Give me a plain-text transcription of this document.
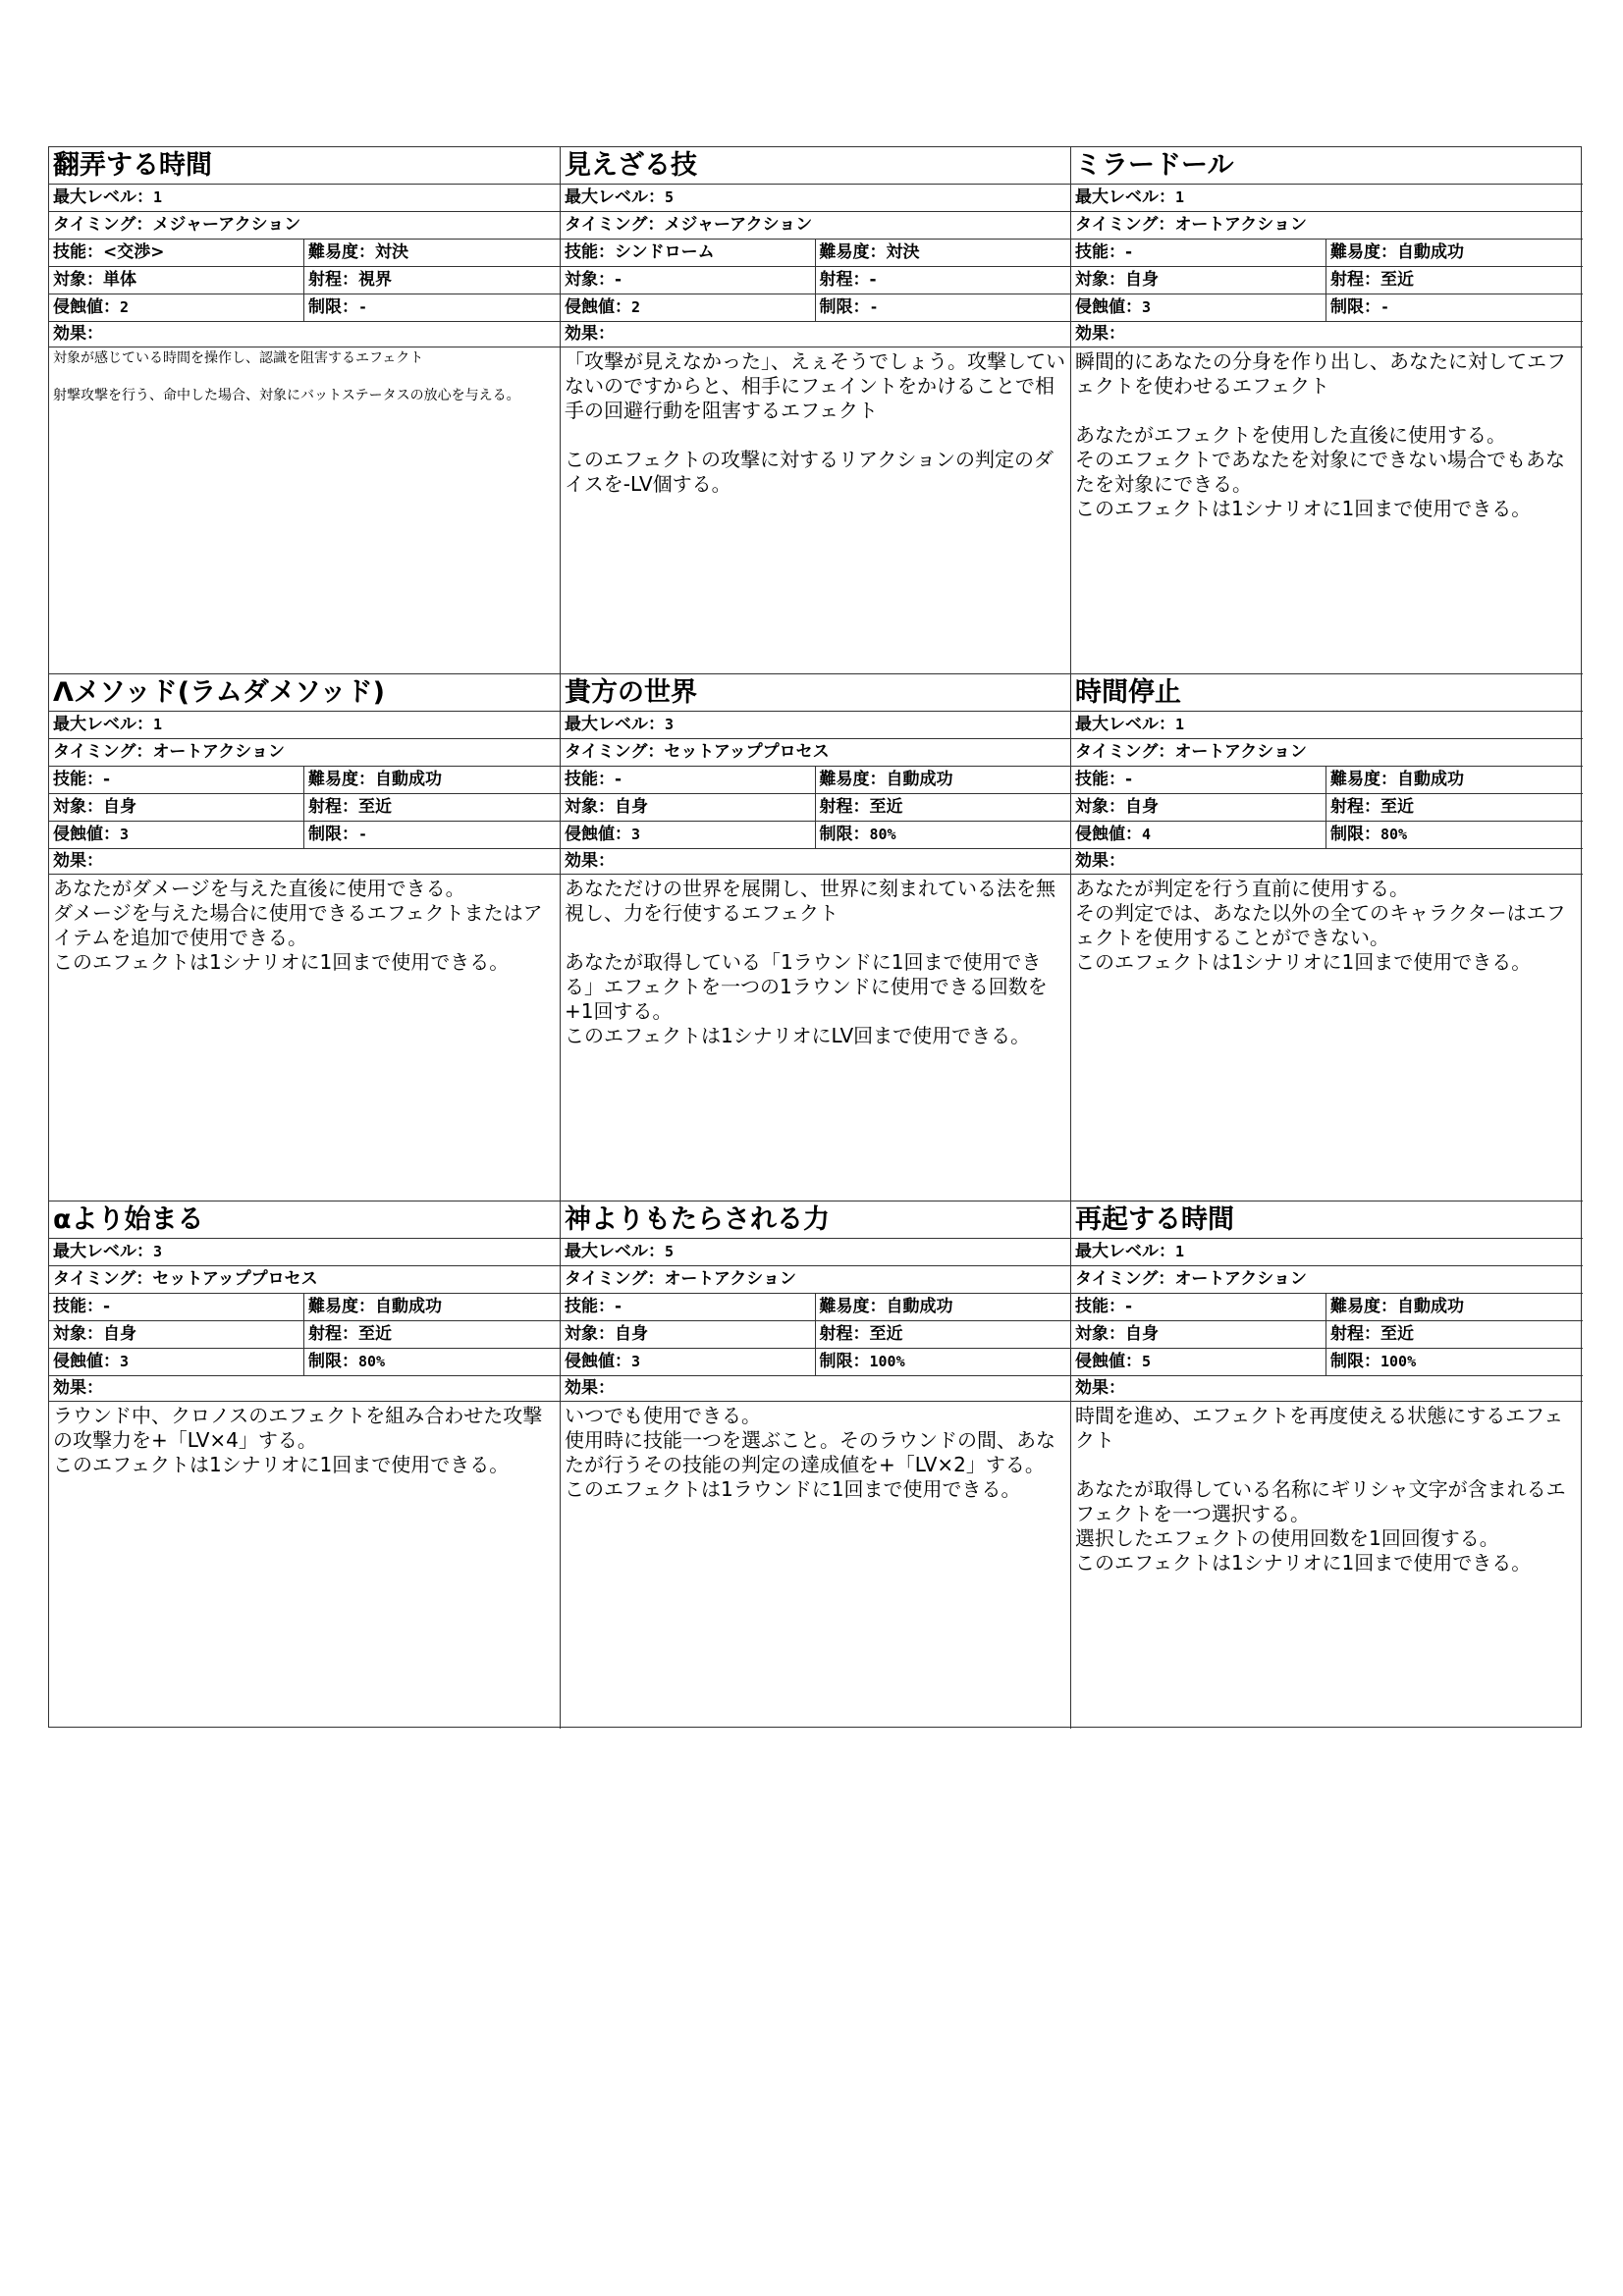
翻弄する時間
最大レベル：1
タイミング：メジャーアクション
技能：<交渉>	難易度：対決
対象：単体	射程：視界
侵蝕値：2	制限：-
効果：
対象が感じている時間を操作し、認識を阻害するエフェクト

射撃攻撃を行う、命中した場合、対象にバットステータスの放心を与える。
見えざる技
最大レベル：5
タイミング：メジャーアクション
技能：シンドローム	難易度：対決
対象：-	射程：-
侵蝕値：2	制限：-
効果：
「攻撃が見えなかった」、えぇそうでしょう。攻撃していないのですからと、相手にフェイントをかけることで相手の回避行動を阻害するエフェクト

このエフェクトの攻撃に対するリアクションの判定のダイスを-LV個する。
ミラードール
最大レベル：1
タイミング：オートアクション
技能：-	難易度：自動成功
対象：自身	射程：至近
侵蝕値：3	制限：-
効果：
瞬間的にあなたの分身を作り出し、あなたに対してエフェクトを使わせるエフェクト

あなたがエフェクトを使用した直後に使用する。
そのエフェクトであなたを対象にできない場合でもあなたを対象にできる。
このエフェクトは1シナリオに1回まで使用できる。
Λメソッド(ラムダメソッド)
最大レベル：1
タイミング：オートアクション
技能：-	難易度：自動成功
対象：自身	射程：至近
侵蝕値：3	制限：-
効果：
あなたがダメージを与えた直後に使用できる。
ダメージを与えた場合に使用できるエフェクトまたはアイテムを追加で使用できる。
このエフェクトは1シナリオに1回まで使用できる。
貴方の世界
最大レベル：3
タイミング：セットアッププロセス
技能：-	難易度：自動成功
対象：自身	射程：至近
侵蝕値：3	制限：80%
効果：
あなただけの世界を展開し、世界に刻まれている法を無視し、力を行使するエフェクト

あなたが取得している「1ラウンドに1回まで使用できる」エフェクトを一つの1ラウンドに使用できる回数を+1回する。
このエフェクトは1シナリオにLV回まで使用できる。
時間停止
最大レベル：1
タイミング：オートアクション
技能：-	難易度：自動成功
対象：自身	射程：至近
侵蝕値：4	制限：80%
効果：
あなたが判定を行う直前に使用する。
その判定では、あなた以外の全てのキャラクターはエフェクトを使用することができない。
このエフェクトは1シナリオに1回まで使用できる。
αより始まる
最大レベル：3
タイミング：セットアッププロセス
技能：-	難易度：自動成功
対象：自身	射程：至近
侵蝕値：3	制限：80%
効果：
ラウンド中、クロノスのエフェクトを組み合わせた攻撃の攻撃力を+「LV×4」する。
このエフェクトは1シナリオに1回まで使用できる。
神よりもたらされる力
最大レベル：5
タイミング：オートアクション
技能：-	難易度：自動成功
対象：自身	射程：至近
侵蝕値：3	制限：100%
効果：
いつでも使用できる。
使用時に技能一つを選ぶこと。そのラウンドの間、あなたが行うその技能の判定の達成値を+「LV×2」する。
このエフェクトは1ラウンドに1回まで使用できる。
再起する時間
最大レベル：1
タイミング：オートアクション
技能：-	難易度：自動成功
対象：自身	射程：至近
侵蝕値：5	制限：100%
効果：
時間を進め、エフェクトを再度使える状態にするエフェクト

あなたが取得している名称にギリシャ文字が含まれるエフェクトを一つ選択する。
選択したエフェクトの使用回数を1回回復する。
このエフェクトは1シナリオに1回まで使用できる。
